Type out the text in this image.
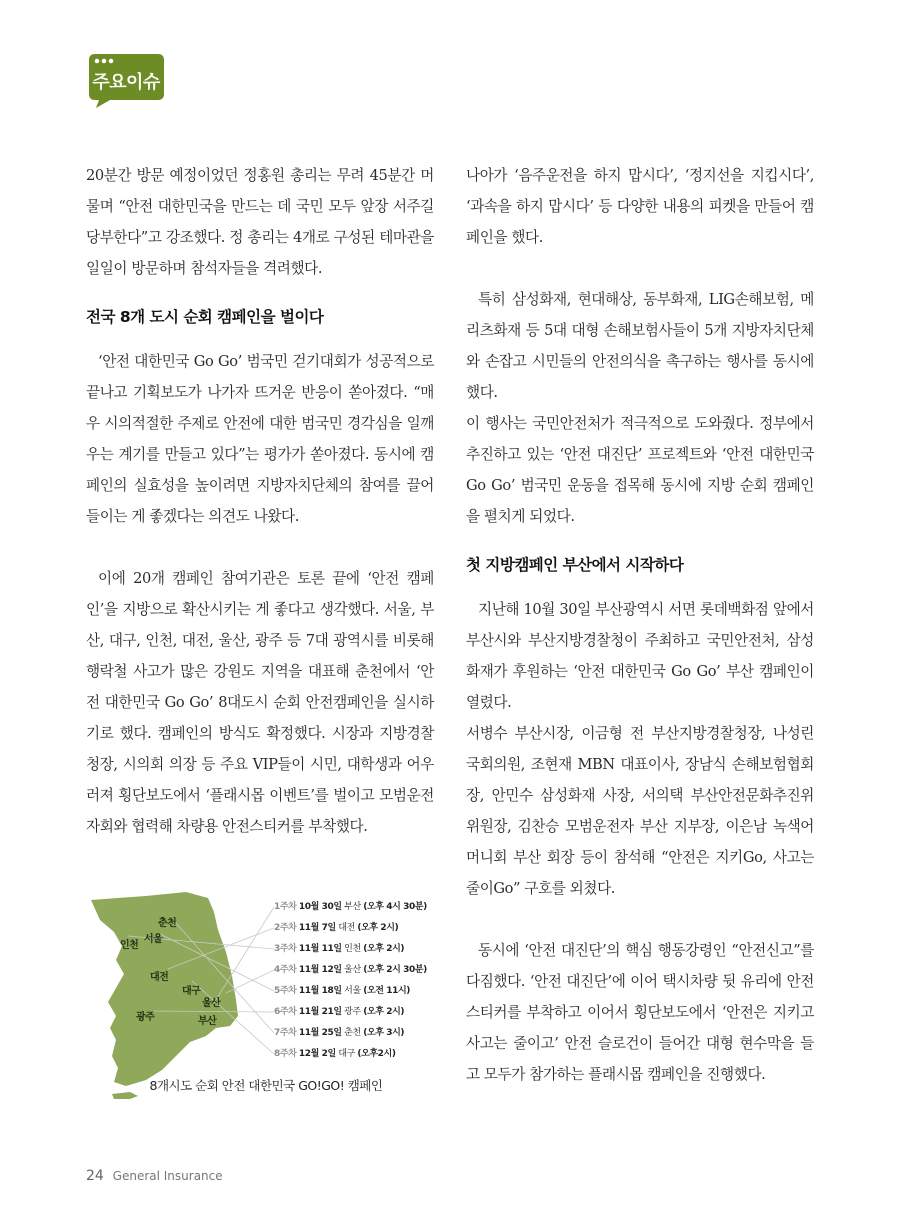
주요이슈

20분간 방문 예정이었던 정홍원 총리는 무려 45분간 머물며 “안전 대한민국을 만드는 데 국민 모두 앞장 서주길 당부한다”고 강조했다. 정 총리는 4개로 구성된 테마관을 일일이 방문하며 참석자들을 격려했다.

전국 8개 도시 순회 캠페인을 벌이다

‘안전 대한민국 Go Go’ 범국민 걷기대회가 성공적으로 끝나고 기획보도가 나가자 뜨거운 반응이 쏟아졌다. “매우 시의적절한 주제로 안전에 대한 범국민 경각심을 일깨우는 계기를 만들고 있다”는 평가가 쏟아졌다. 동시에 캠페인의 실효성을 높이려면 지방자치단체의 참여를 끌어들이는 게 좋겠다는 의견도 나왔다.

이에 20개 캠페인 참여기관은 토론 끝에 ‘안전 캠페인’을 지방으로 확산시키는 게 좋다고 생각했다. 서울, 부산, 대구, 인천, 대전, 울산, 광주 등 7대 광역시를 비롯해 행락철 사고가 많은 강원도 지역을 대표해 춘천에서 ‘안전 대한민국 Go Go’ 8대도시 순회 안전캠페인을 실시하기로 했다. 캠페인의 방식도 확정했다. 시장과 지방경찰청장, 시의회 의장 등 주요 VIP들이 시민, 대학생과 어우러져 횡단보도에서 ‘플래시몹 이벤트’를 벌이고 모범운전자회와 협력해 차량용 안전스티커를 부착했다.

나아가 ‘음주운전을 하지 맙시다’, ‘정지선을 지킵시다’, ‘과속을 하지 맙시다’ 등 다양한 내용의 피켓을 만들어 캠페인을 했다.

특히 삼성화재, 현대해상, 동부화재, LIG손해보험, 메리츠화재 등 5대 대형 손해보험사들이 5개 지방자치단체와 손잡고 시민들의 안전의식을 촉구하는 행사를 동시에 했다.

이 행사는 국민안전처가 적극적으로 도와줬다. 정부에서 추진하고 있는 ‘안전 대진단’ 프로젝트와 ‘안전 대한민국 Go Go’ 범국민 운동을 접목해 동시에 지방 순회 캠페인을 펼치게 되었다.

첫 지방캠페인 부산에서 시작하다

지난해 10월 30일 부산광역시 서면 롯데백화점 앞에서 부산시와 부산지방경찰청이 주최하고 국민안전처, 삼성화재가 후원하는 ‘안전 대한민국 Go Go’ 부산 캠페인이 열렸다.

서병수 부산시장, 이금형 전 부산지방경찰청장, 나성린 국회의원, 조현재 MBN 대표이사, 장남식 손해보험협회장, 안민수 삼성화재 사장, 서의택 부산안전문화추진위 위원장, 김찬승 모범운전자 부산 지부장, 이은남 녹색어머니회 부산 회장 등이 참석해 “안전은 지키Go, 사고는 줄이Go” 구호를 외쳤다.

동시에 ‘안전 대진단’의 핵심 행동강령인 “안전신고”를 다짐했다. ‘안전 대진단’에 이어 택시차량 뒷 유리에 안전스티커를 부착하고 이어서 횡단보도에서 ‘안전은 지키고 사고는 줄이고’ 안전 슬로건이 들어간 대형 현수막을 들고 모두가 참가하는 플래시몹 캠페인을 진행했다.

춘천
서울
인천
대전
대구
울산
광주	부산
1주차 10월 30일 부산 (오후 4시 30분)
2주차 11월 7일 대전 (오후 2시)
3주차 11월 11일 인천 (오후 2시)
4주차 11월 12일 울산 (오후 2시 30분)
5주차 11월 18일 서울 (오전 11시)
6주차 11월 21일 광주 (오후 2시)
7주차 11월 25일 춘천 (오후 3시)
8주차 12월 2일 대구 (오후2시)
8개시도 순회 안전 대한민국 GO!GO! 캠페인
24 General Insurance
